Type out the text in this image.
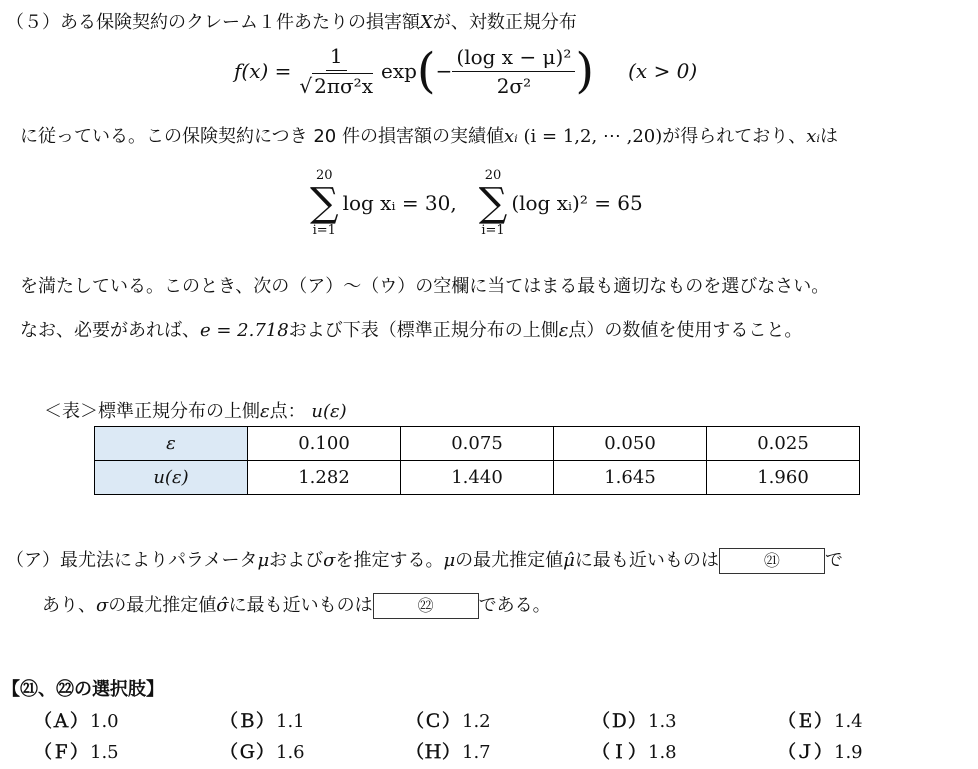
（５）ある保険契約のクレーム１件あたりの損害額Xが、対数正規分布
$f(x) = \frac{1}{\text{√ 2πσ²x}}$ exp ( − $\frac{\text{(log x − μ)²}}{\text{2σ²}}$ ) (x > 0)
に従っている。この保険契約につき 20 件の損害額の実績値xᵢ (i = 1,2, ⋯ ,20)が得られており、xᵢは
20
∑
i=1
log xᵢ = 30,
20
∑
i=1
(log xᵢ)² = 65
を満たしている。このとき、次の（ア）〜（ウ）の空欄に当てはまる最も適切なものを選びなさい。
なお、必要があれば、e = 2.718および下表（標準正規分布の上側ε点）の数値を使用すること。
＜表＞標準正規分布の上側ε点： u(ε)
ε	0.100	0.075	0.050	0.025
u(ε)	1.282	1.440	1.645	1.960
（ア）最尤法によりパラメータμおよびσを推定する。μの最尤推定値μ̂に最も近いものは	㉑	で
あり、σの最尤推定値σ̂に最も近いものは	㉒	である。
【㉑、㉒の選択肢】
（Ａ） 1.0	（Ｂ） 1.1	（Ｃ） 1.2	（Ｄ） 1.3	（Ｅ） 1.4
（Ｆ） 1.5	（Ｇ） 1.6	（Ｈ） 1.7	（Ｉ） 1.8	（Ｊ） 1.9
